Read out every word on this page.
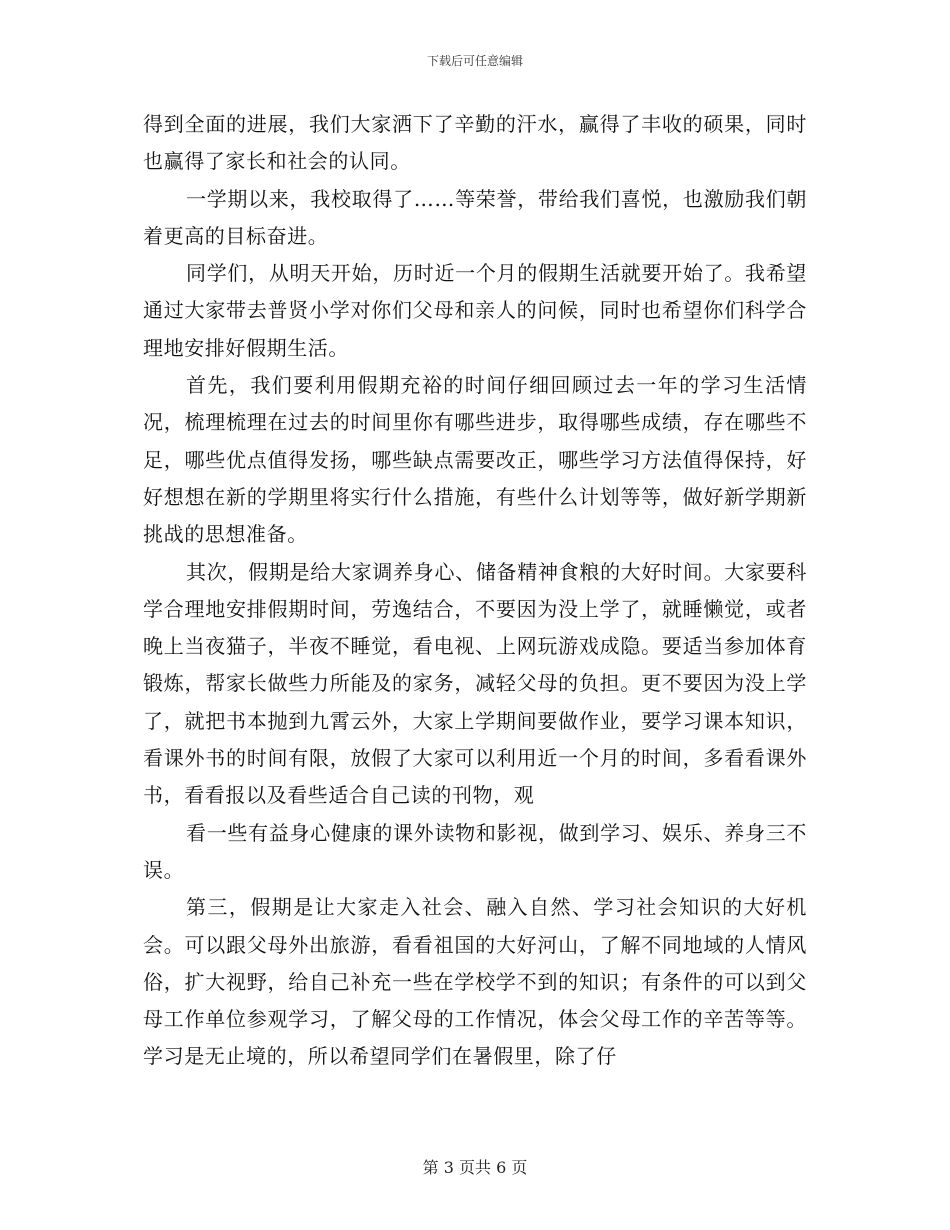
下载后可任意编辑

得到全面的进展，我们大家洒下了辛勤的汗水，赢得了丰收的硕果，同时也赢得了家长和社会的认同。

一学期以来，我校取得了……等荣誉，带给我们喜悦，也激励我们朝着更高的目标奋进。

同学们，从明天开始，历时近一个月的假期生活就要开始了。我希望通过大家带去普贤小学对你们父母和亲人的问候，同时也希望你们科学合理地安排好假期生活。

首先，我们要利用假期充裕的时间仔细回顾过去一年的学习生活情况，梳理梳理在过去的时间里你有哪些进步，取得哪些成绩，存在哪些不足，哪些优点值得发扬，哪些缺点需要改正，哪些学习方法值得保持，好好想想在新的学期里将实行什么措施，有些什么计划等等，做好新学期新挑战的思想准备。

其次，假期是给大家调养身心、储备精神食粮的大好时间。大家要科学合理地安排假期时间，劳逸结合，不要因为没上学了，就睡懒觉，或者晚上当夜猫子，半夜不睡觉，看电视、上网玩游戏成隐。要适当参加体育锻炼，帮家长做些力所能及的家务，减轻父母的负担。更不要因为没上学了，就把书本抛到九霄云外，大家上学期间要做作业，要学习课本知识，看课外书的时间有限，放假了大家可以利用近一个月的时间，多看看课外书，看看报以及看些适合自己读的刊物，观

看一些有益身心健康的课外读物和影视，做到学习、娱乐、养身三不误。

第三，假期是让大家走入社会、融入自然、学习社会知识的大好机会。可以跟父母外出旅游，看看祖国的大好河山，了解不同地域的人情风俗，扩大视野，给自己补充一些在学校学不到的知识；有条件的可以到父母工作单位参观学习，了解父母的工作情况，体会父母工作的辛苦等等。学习是无止境的，所以希望同学们在暑假里，除了仔

第 3 页共 6 页
